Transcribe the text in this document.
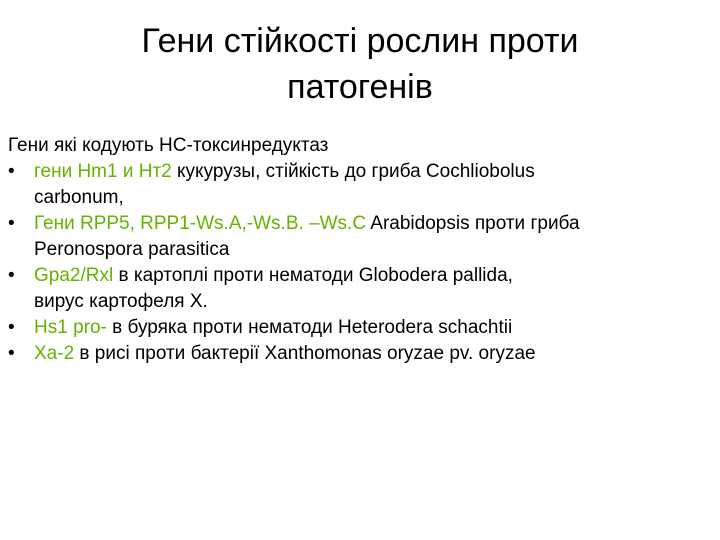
Гени стійкості рослин проти
патогенів
Гени які кодують НС-токсинредуктаз
•	гени Hm1 и Hт2 кукурузы, стійкість до гриба Cochliobolus
carbonum,
•	Гени RPP5, RPP1-Ws.A,-Ws.B. –Ws.C Arabidopsis проти гриба
Peronospora parasitica
•	Gpa2/Rxl в картоплі проти нематоди Globodera pallida,
вирус картофеля Х.
•	Hs1 pro- в буряка проти нематоди Heterodera schachtii
•	Xa-2 в рисі проти бактерії Xanthomonas oryzae pv. oryzae
